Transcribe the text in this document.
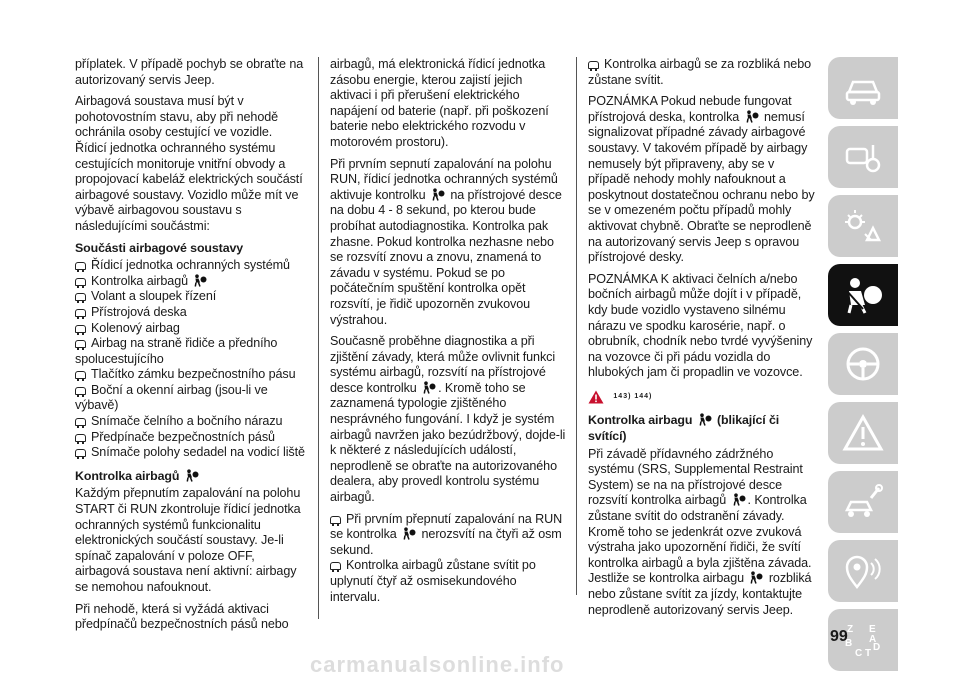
příplatek. V případě pochyb se obraťte na autorizovaný servis Jeep.

Airbagová soustava musí být v pohotovostním stavu, aby při nehodě ochránila osoby cestující ve vozidle. Řídicí jednotka ochranného systému cestujících monitoruje vnitřní obvody a propojovací kabeláž elektrických součástí airbagové soustavy. Vozidlo může mít ve výbavě airbagovou soustavu s následujícími součástmi:

Součásti airbagové soustavy
Řídicí jednotka ochranných systémů
Kontrolka airbagů
Volant a sloupek řízení
Přístrojová deska
Kolenový airbag
Airbag na straně řidiče a předního spolucestujícího
Tlačítko zámku bezpečnostního pásu
Boční a okenní airbag (jsou-li ve výbavě)
Snímače čelního a bočního nárazu
Předpínače bezpečnostních pásů
Snímače polohy sedadel na vodicí liště
Kontrolka airbagů

Každým přepnutím zapalování na polohu START či RUN zkontroluje řídicí jednotka ochranných systémů funkcionalitu elektronických součástí soustavy. Je-li spínač zapalování v poloze OFF, airbagová soustava není aktivní: airbagy se nemohou nafouknout.

Při nehodě, která si vyžádá aktivaci předpínačů bezpečnostních pásů nebo

airbagů, má elektronická řídicí jednotka zásobu energie, kterou zajistí jejich aktivaci i při přerušení elektrického napájení od baterie (např. při poškození baterie nebo elektrického rozvodu v motorovém prostoru).

Při prvním sepnutí zapalování na polohu RUN, řídicí jednotka ochranných systémů aktivuje kontrolku na přístrojové desce na dobu 4 - 8 sekund, po kterou bude probíhat autodiagnostika. Kontrolka pak zhasne. Pokud kontrolka nezhasne nebo se rozsvítí znovu a znovu, znamená to závadu v systému. Pokud se po počátečním spuštění kontrolka opět rozsvítí, je řidič upozorněn zvukovou výstrahou.

Současně proběhne diagnostika a při zjištění závady, která může ovlivnit funkci systému airbagů, rozsvítí na přístrojové desce kontrolku . Kromě toho se zaznamená typologie zjištěného nesprávného fungování. I když je systém airbagů navržen jako bezúdržbový, dojde-li k některé z následujících událostí, neprodleně se obraťte na autorizovaného dealera, aby provedl kontrolu systému airbagů.

Při prvním přepnutí zapalování na RUN se kontrolka nerozsvítí na čtyři až osm sekund.
Kontrolka airbagů zůstane svítit po uplynutí čtyř až osmisekundového intervalu.

Kontrolka airbagů se za rozbliká nebo zůstane svítit.

POZNÁMKA Pokud nebude fungovat přístrojová deska, kontrolka nemusí signalizovat případné závady airbagové soustavy. V takovém případě by airbagy nemusely být připraveny, aby se v případě nehody mohly nafouknout a poskytnout dostatečnou ochranu nebo by se v omezeném počtu případů mohly aktivovat chybně. Obraťte se neprodleně na autorizovaný servis Jeep s opravou přístrojové desky.

POZNÁMKA K aktivaci čelních a/nebo bočních airbagů může dojít i v případě, kdy bude vozidlo vystaveno silnému nárazu ve spodku karosérie, např. o obrubník, chodník nebo tvrdé vyvýšeniny na vozovce či při pádu vozidla do hlubokých jam či propadlin ve vozovce.

$^{143) 144)}$

Kontrolka airbagu (blikající či svítící)

Při závadě přídavného zádržného systému (SRS, Supplemental Restraint System) se na na přístrojové desce rozsvítí kontrolka airbagů . Kontrolka zůstane svítit do odstranění závady. Kromě toho se jedenkrát ozve zvuková výstraha jako upozornění řidiči, že svítí kontrolka airbagů a byla zjištěna závada. Jestliže se kontrolka airbagu rozbliká nebo zůstane svítit za jízdy, kontaktujte neprodleně autorizovaný servis Jeep.

Z E
B
C T
D
A
99
carmanualsonline.info
